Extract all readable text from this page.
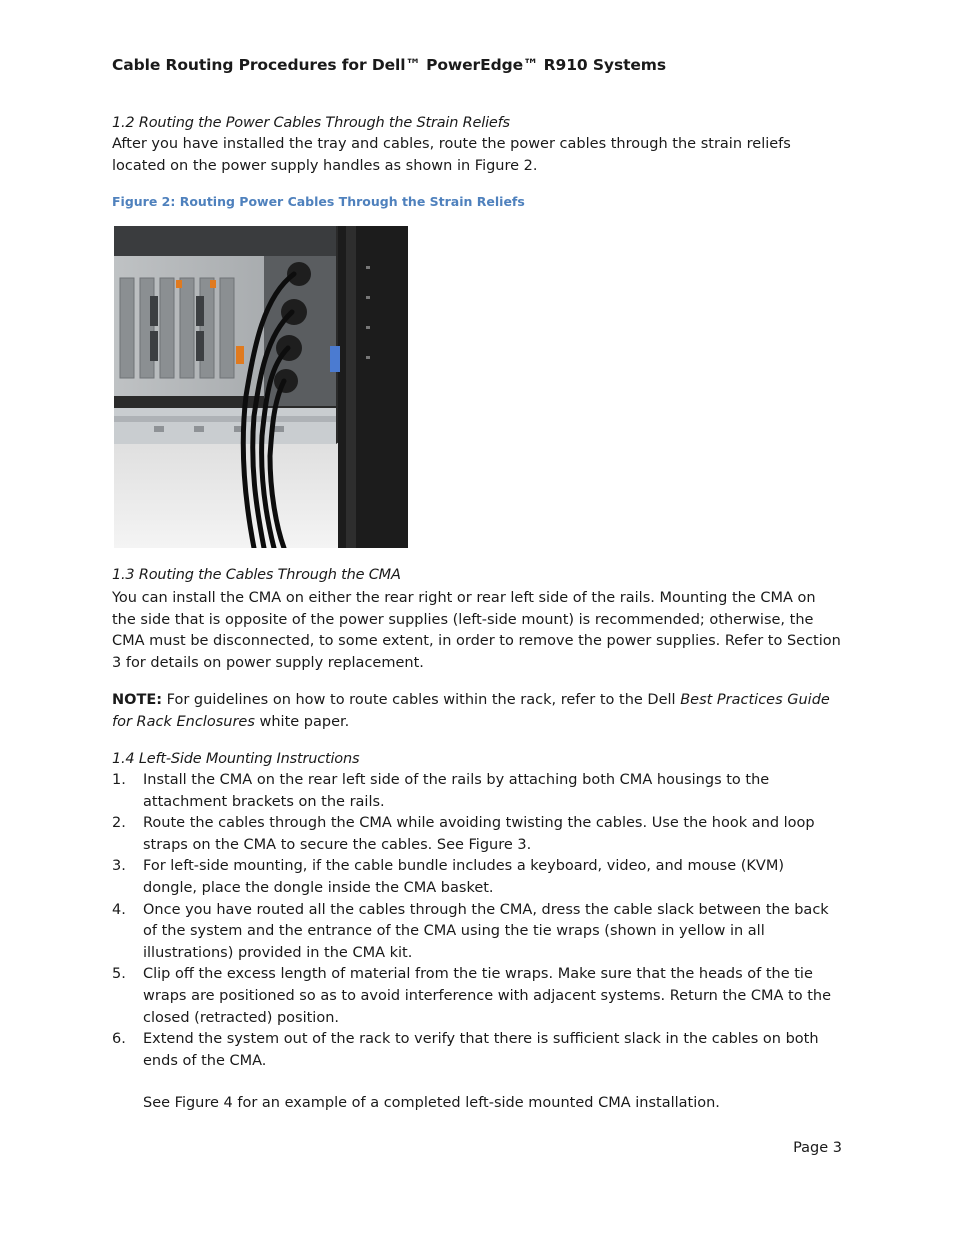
Cable Routing Procedures for Dell™ PowerEdge™ R910 Systems
1.2 Routing the Power Cables Through the Strain Reliefs

After you have installed the tray and cables, route the power cables through the strain reliefs located on the power supply handles as shown in Figure 2.

Figure 2: Routing Power Cables Through the Strain Reliefs
1.3 Routing the Cables Through the CMA

You can install the CMA on either the rear right or rear left side of the rails. Mounting the CMA on the side that is opposite of the power supplies (left-side mount) is recommended; otherwise, the CMA must be disconnected, to some extent, in order to remove the power supplies. Refer to Section 3 for details on power supply replacement.

NOTE: For guidelines on how to route cables within the rack, refer to the Dell Best Practices Guide for Rack Enclosures white paper.

1.4 Left-Side Mounting Instructions
1. Install the CMA on the rear left side of the rails by attaching both CMA housings to the attachment brackets on the rails.
2. Route the cables through the CMA while avoiding twisting the cables. Use the hook and loop straps on the CMA to secure the cables. See Figure 3.
3. For left-side mounting, if the cable bundle includes a keyboard, video, and mouse (KVM) dongle, place the dongle inside the CMA basket.
4. Once you have routed all the cables through the CMA, dress the cable slack between the back of the system and the entrance of the CMA using the tie wraps (shown in yellow in all illustrations) provided in the CMA kit.
5. Clip off the excess length of material from the tie wraps. Make sure that the heads of the tie wraps are positioned so as to avoid interference with adjacent systems. Return the CMA to the closed (retracted) position.
6. Extend the system out of the rack to verify that there is sufficient slack in the cables on both ends of the CMA.
See Figure 4 for an example of a completed left-side mounted CMA installation.
Page 3
